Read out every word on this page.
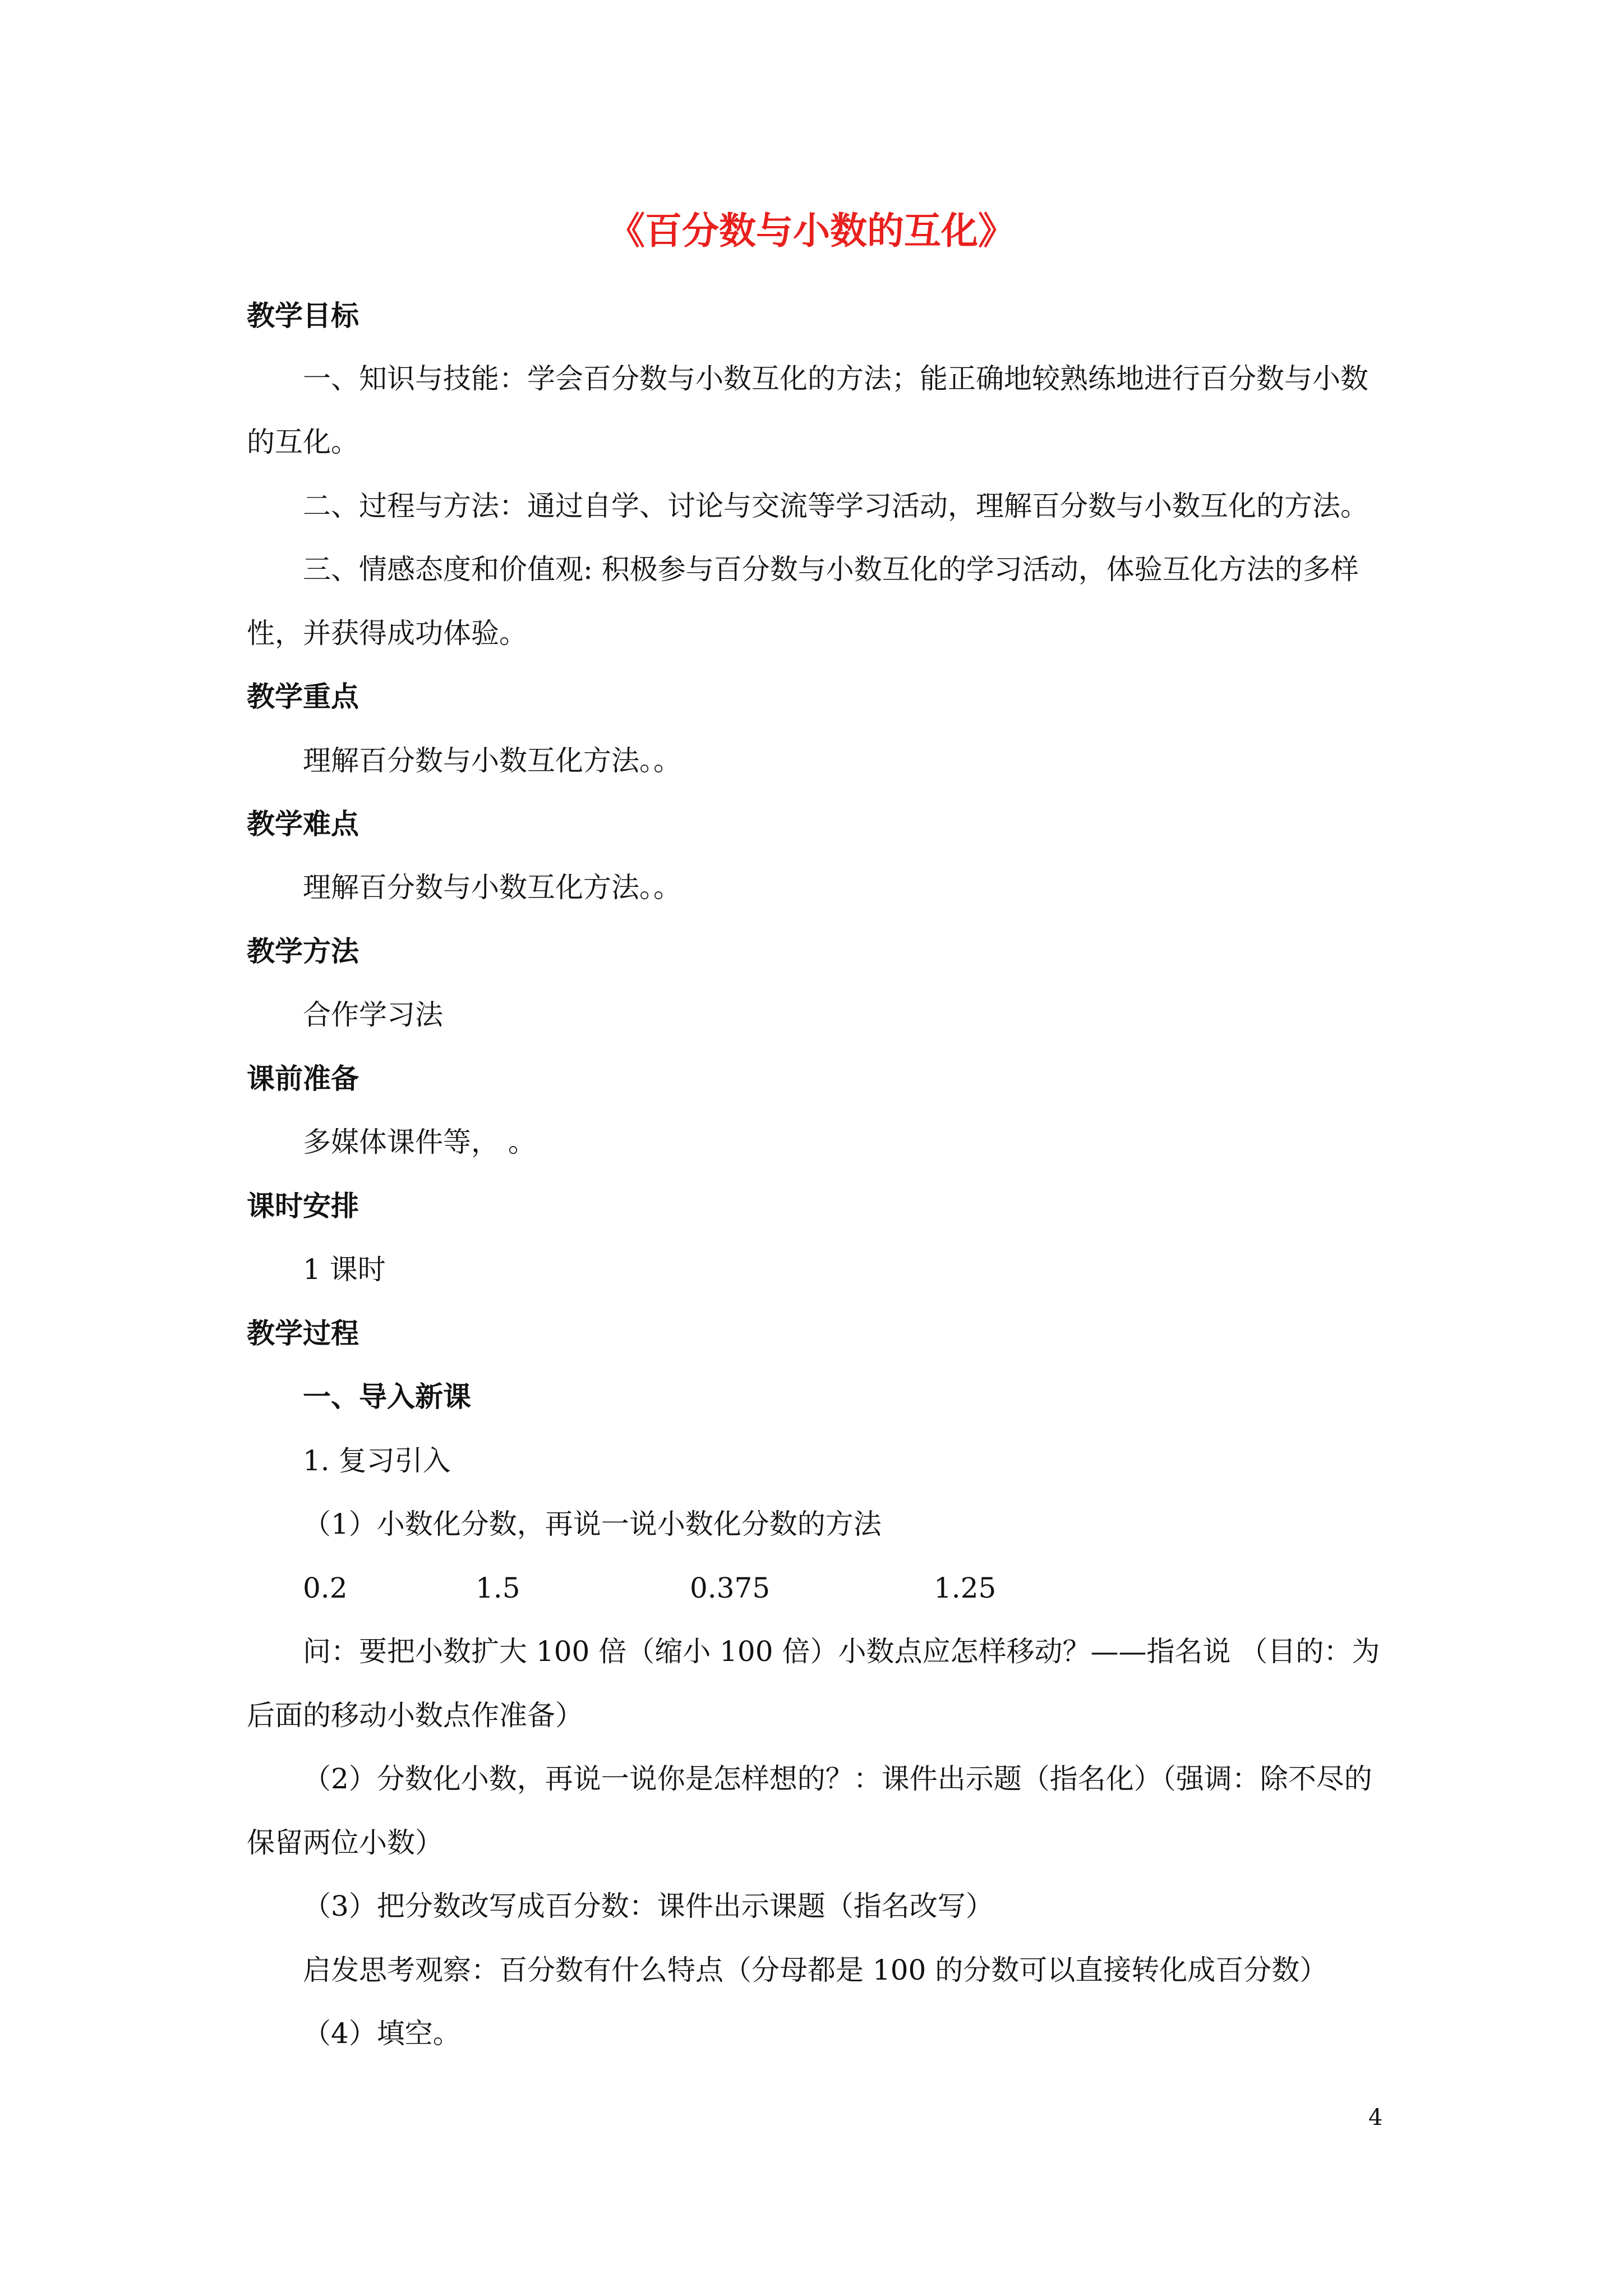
《百分数与小数的互化》
教学目标
一、知识与技能：学会百分数与小数互化的方法；能正确地较熟练地进行百分数与小数
的互化。
二、过程与方法：通过自学、讨论与交流等学习活动，理解百分数与小数互化的方法。
三、情感态度和价值观: 积极参与百分数与小数互化的学习活动，体验互化方法的多样
性，并获得成功体验。
教学重点
理解百分数与小数互化方法。。
教学难点
理解百分数与小数互化方法。。
教学方法
合作学习法
课前准备
多媒体课件等， 。
课时安排
1 课时
教学过程
一、导入新课
1. 复习引入
（1）小数化分数，再说一说小数化分数的方法
0.2	1.5	0.375	1.25
问：要把小数扩大 100 倍（缩小 100 倍）小数点应怎样移动？——指名说 （目的：为
后面的移动小数点作准备）
（2）分数化小数，再说一说你是怎样想的？：课件出示题（指名化）（强调：除不尽的
保留两位小数）
（3）把分数改写成百分数：课件出示课题（指名改写）
启发思考观察：百分数有什么特点（分母都是 100 的分数可以直接转化成百分数）
（4）填空。
4
